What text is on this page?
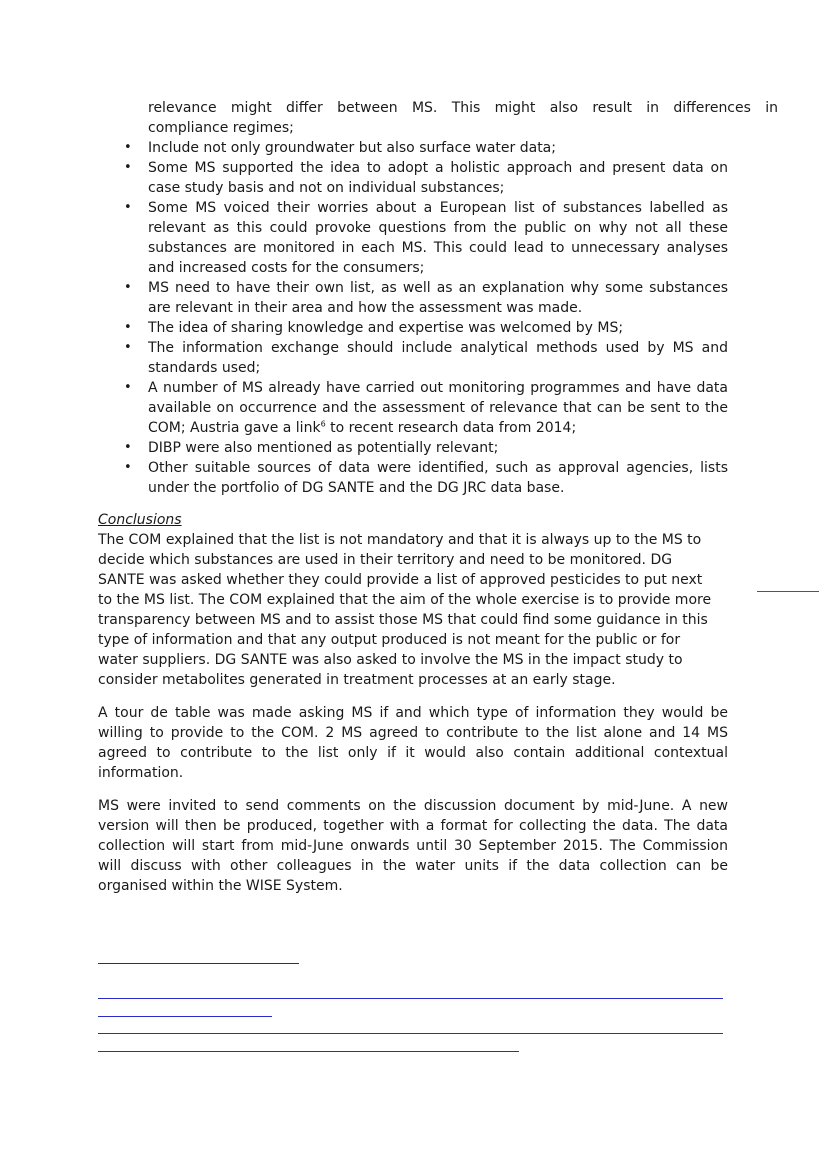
relevance might differ between MS. This might also result in differences in
compliance regimes;
• Include not only groundwater but also surface water data;
• Some MS supported the idea to adopt a holistic approach and present data on case study basis and not on individual substances;
• Some MS voiced their worries about a European list of substances labelled as relevant as this could provoke questions from the public on why not all these substances are monitored in each MS. This could lead to unnecessary analyses and increased costs for the consumers;
• MS need to have their own list, as well as an explanation why some substances are relevant in their area and how the assessment was made.
• The idea of sharing knowledge and expertise was welcomed by MS;
• The information exchange should include analytical methods used by MS and standards used;
• A number of MS already have carried out monitoring programmes and have data available on occurrence and the assessment of relevance that can be sent to the COM; Austria gave a link$^6$ to recent research data from 2014;
• DIBP were also mentioned as potentially relevant;
• Other suitable sources of data were identified, such as approval agencies, lists under the portfolio of DG SANTE and the DG JRC data base.
Conclusions

The COM explained that the list is not mandatory and that it is always up to the MS to decide which substances are used in their territory and need to be monitored. DG SANTE was asked whether they could provide a list of approved pesticides to put next to the MS list. The COM explained that the aim of the whole exercise is to provide more transparency between MS and to assist those MS that could find some guidance in this type of information and that any output produced is not meant for the public or for water suppliers. DG SANTE was also asked to involve the MS in the impact study to consider metabolites generated in treatment processes at an early stage.

A tour de table was made asking MS if and which type of information they would be willing to provide to the COM. 2 MS agreed to contribute to the list alone and 14 MS agreed to contribute to the list only if it would also contain additional contextual information.

MS were invited to send comments on the discussion document by mid-June. A new version will then be produced, together with a format for collecting the data. The data collection will start from mid-June onwards until 30 September 2015. The Commission will discuss with other colleagues in the water units if the data collection can be organised within the WISE System.
